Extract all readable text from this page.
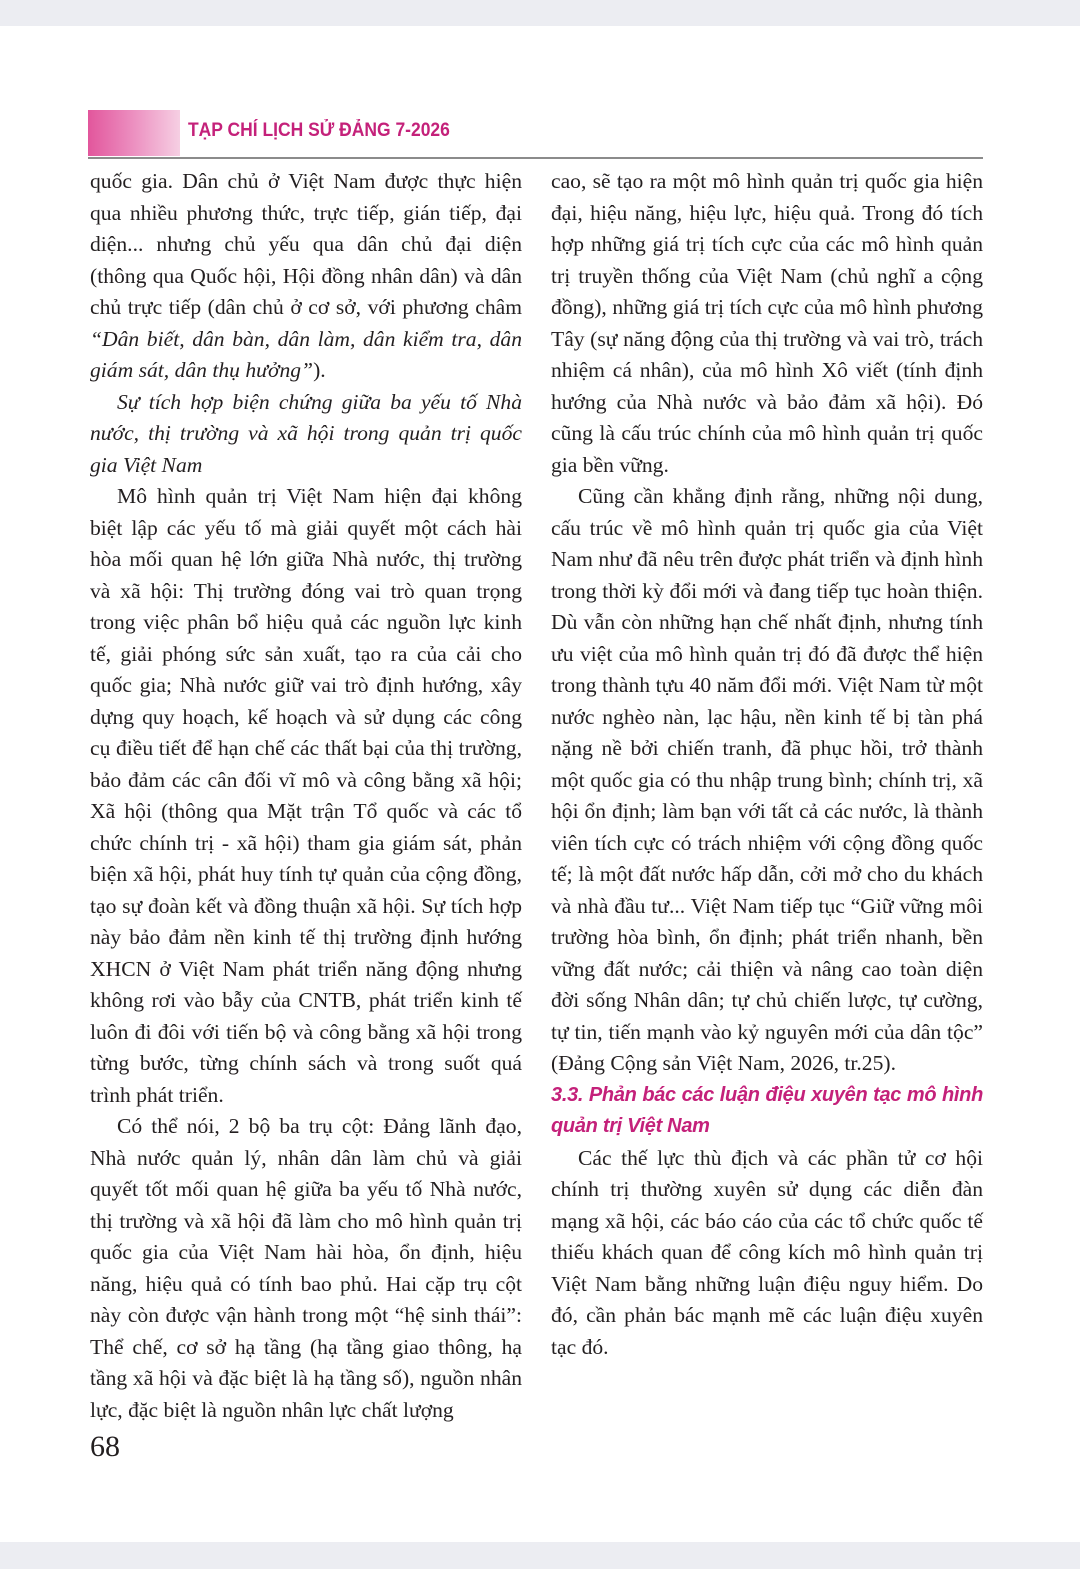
TẠP CHÍ LỊCH SỬ ĐẢNG 7-2026

quốc gia. Dân chủ ở Việt Nam được thực hiện qua nhiều phương thức, trực tiếp, gián tiếp, đại diện... nhưng chủ yếu qua dân chủ đại diện (thông qua Quốc hội, Hội đồng nhân dân) và dân chủ trực tiếp (dân chủ ở cơ sở, với phương châm “Dân biết, dân bàn, dân làm, dân kiểm tra, dân giám sát, dân thụ hưởng”).

Sự tích hợp biện chứng giữa ba yếu tố Nhà nước, thị trường và xã hội trong quản trị quốc gia Việt Nam

Mô hình quản trị Việt Nam hiện đại không biệt lập các yếu tố mà giải quyết một cách hài hòa mối quan hệ lớn giữa Nhà nước, thị trường và xã hội: Thị trường đóng vai trò quan trọng trong việc phân bổ hiệu quả các nguồn lực kinh tế, giải phóng sức sản xuất, tạo ra của cải cho quốc gia; Nhà nước giữ vai trò định hướng, xây dựng quy hoạch, kế hoạch và sử dụng các công cụ điều tiết để hạn chế các thất bại của thị trường, bảo đảm các cân đối vĩ mô và công bằng xã hội; Xã hội (thông qua Mặt trận Tổ quốc và các tổ chức chính trị - xã hội) tham gia giám sát, phản biện xã hội, phát huy tính tự quản của cộng đồng, tạo sự đoàn kết và đồng thuận xã hội. Sự tích hợp này bảo đảm nền kinh tế thị trường định hướng XHCN ở Việt Nam phát triển năng động nhưng không rơi vào bẫy của CNTB, phát triển kinh tế luôn đi đôi với tiến bộ và công bằng xã hội trong từng bước, từng chính sách và trong suốt quá trình phát triển.

Có thể nói, 2 bộ ba trụ cột: Đảng lãnh đạo, Nhà nước quản lý, nhân dân làm chủ và giải quyết tốt mối quan hệ giữa ba yếu tố Nhà nước, thị trường và xã hội đã làm cho mô hình quản trị quốc gia của Việt Nam hài hòa, ổn định, hiệu năng, hiệu quả có tính bao phủ. Hai cặp trụ cột này còn được vận hành trong một “hệ sinh thái”: Thể chế, cơ sở hạ tầng (hạ tầng giao thông, hạ tầng xã hội và đặc biệt là hạ tầng số), nguồn nhân lực, đặc biệt là nguồn nhân lực chất lượng

cao, sẽ tạo ra một mô hình quản trị quốc gia hiện đại, hiệu năng, hiệu lực, hiệu quả. Trong đó tích hợp những giá trị tích cực của các mô hình quản trị truyền thống của Việt Nam (chủ nghĩ a cộng đồng), những giá trị tích cực của mô hình phương Tây (sự năng động của thị trường và vai trò, trách nhiệm cá nhân), của mô hình Xô viết (tính định hướng của Nhà nước và bảo đảm xã hội). Đó cũng là cấu trúc chính của mô hình quản trị quốc gia bền vững.

Cũng cần khẳng định rằng, những nội dung, cấu trúc về mô hình quản trị quốc gia của Việt Nam như đã nêu trên được phát triển và định hình trong thời kỳ đổi mới và đang tiếp tục hoàn thiện. Dù vẫn còn những hạn chế nhất định, nhưng tính ưu việt của mô hình quản trị đó đã được thể hiện trong thành tựu 40 năm đổi mới. Việt Nam từ một nước nghèo nàn, lạc hậu, nền kinh tế bị tàn phá nặng nề bởi chiến tranh, đã phục hồi, trở thành một quốc gia có thu nhập trung bình; chính trị, xã hội ổn định; làm bạn với tất cả các nước, là thành viên tích cực có trách nhiệm với cộng đồng quốc tế; là một đất nước hấp dẫn, cởi mở cho du khách và nhà đầu tư... Việt Nam tiếp tục “Giữ vững môi trường hòa bình, ổn định; phát triển nhanh, bền vững đất nước; cải thiện và nâng cao toàn diện đời sống Nhân dân; tự chủ chiến lược, tự cường, tự tin, tiến mạnh vào kỷ nguyên mới của dân tộc” (Đảng Cộng sản Việt Nam, 2026, tr.25).

3.3. Phản bác các luận điệu xuyên tạc mô hình quản trị Việt Nam

Các thế lực thù địch và các phần tử cơ hội chính trị thường xuyên sử dụng các diễn đàn mạng xã hội, các báo cáo của các tổ chức quốc tế thiếu khách quan để công kích mô hình quản trị Việt Nam bằng những luận điệu nguy hiểm. Do đó, cần phản bác mạnh mẽ các luận điệu xuyên tạc đó.

68
